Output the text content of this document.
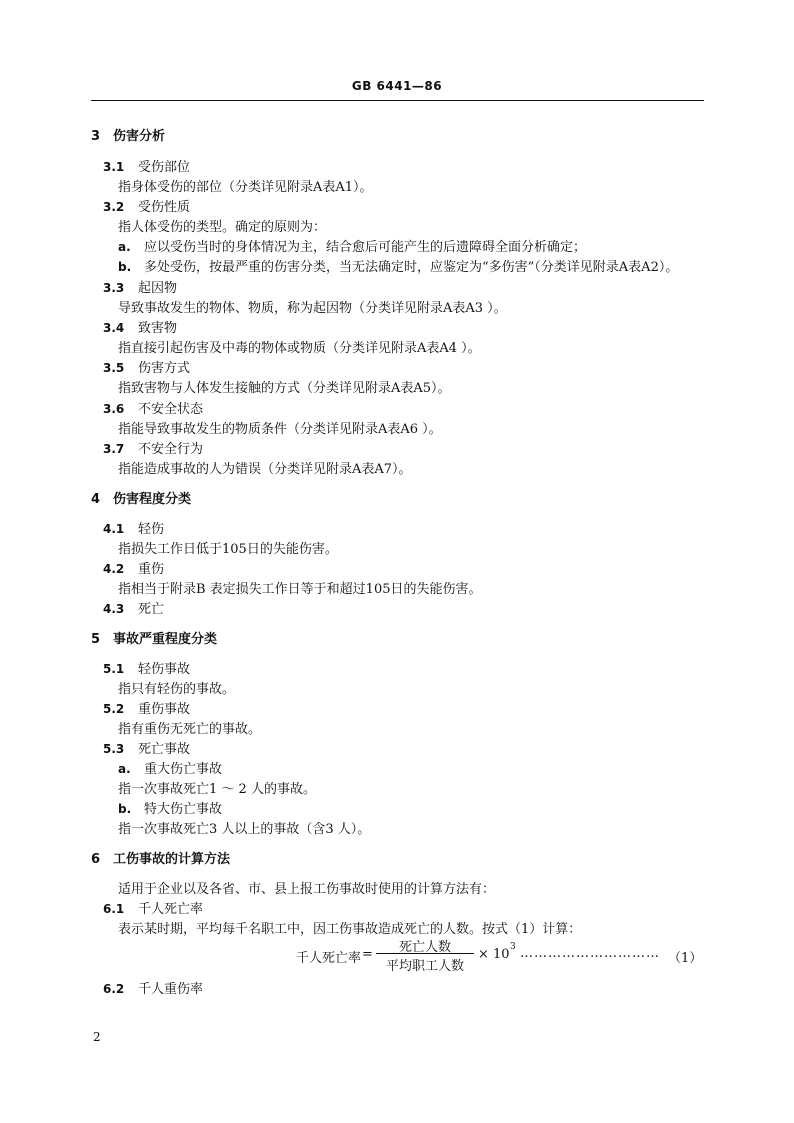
GB 6441—86
3 伤害分析
3.1 受伤部位
指身体受伤的部位（分类详见附录A表A1）。
3.2 受伤性质
指人体受伤的类型。确定的原则为：
a. 应以受伤当时的身体情况为主，结合愈后可能产生的后遗障碍全面分析确定；
b. 多处受伤，按最严重的伤害分类，当无法确定时，应鉴定为“多伤害”（分类详见附录A表A2）。
3.3 起因物
导致事故发生的物体、物质，称为起因物（分类详见附录A表A3 ）。
3.4 致害物
指直接引起伤害及中毒的物体或物质（分类详见附录A表A4 ）。
3.5 伤害方式
指致害物与人体发生接触的方式（分类详见附录A表A5）。
3.6 不安全状态
指能导致事故发生的物质条件（分类详见附录A表A6 ）。
3.7 不安全行为
指能造成事故的人为错误（分类详见附录A表A7）。
4 伤害程度分类
4.1 轻伤
指损失工作日低于105日的失能伤害。
4.2 重伤
指相当于附录B 表定损失工作日等于和超过105日的失能伤害。
4.3 死亡
5 事故严重程度分类
5.1 轻伤事故
指只有轻伤的事故。
5.2 重伤事故
指有重伤无死亡的事故。
5.3 死亡事故
a. 重大伤亡事故
指一次事故死亡1 ～ 2 人的事故。
b. 特大伤亡事故
指一次事故死亡3 人以上的事故（含3 人）。
6 工伤事故的计算方法
适用于企业以及各省、市、县上报工伤事故时使用的计算方法有：
6.1 千人死亡率
表示某时期，平均每千名职工中，因工伤事故造成死亡的人数。按式（1）计算：
千人死亡率 =	死亡人数
平均职工人数
× 10 3 ………………………… （1）
6.2 千人重伤率
2
